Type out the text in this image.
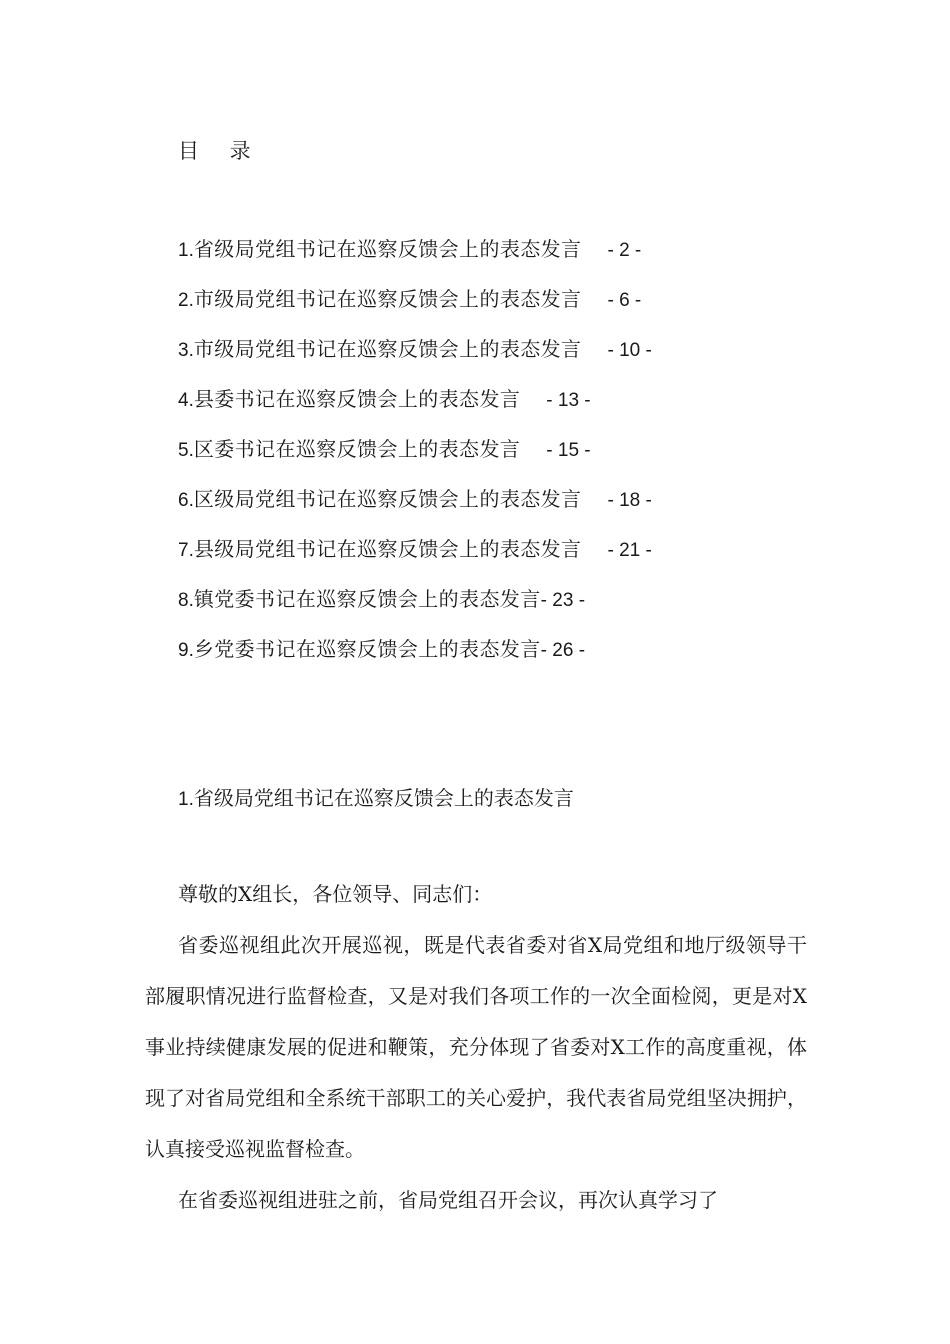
目 录
1.省级局党组书记在巡察反馈会上的表态发言 - 2 -
2.市级局党组书记在巡察反馈会上的表态发言 - 6 -
3.市级局党组书记在巡察反馈会上的表态发言 - 10 -
4.县委书记在巡察反馈会上的表态发言 - 13 -
5.区委书记在巡察反馈会上的表态发言 - 15 -
6.区级局党组书记在巡察反馈会上的表态发言 - 18 -
7.县级局党组书记在巡察反馈会上的表态发言 - 21 -
8.镇党委书记在巡察反馈会上的表态发言- 23 -
9.乡党委书记在巡察反馈会上的表态发言- 26 -
1.省级局党组书记在巡察反馈会上的表态发言

尊敬的X组长，各位领导、同志们：

省委巡视组此次开展巡视，既是代表省委对省X局党组和地厅级领导干部履职情况进行监督检查，又是对我们各项工作的一次全面检阅，更是对X事业持续健康发展的促进和鞭策，充分体现了省委对X工作的高度重视，体现了对省局党组和全系统干部职工的关心爱护，我代表省局党组坚决拥护，认真接受巡视监督检查。

在省委巡视组进驻之前，省局党组召开会议，再次认真学习了
